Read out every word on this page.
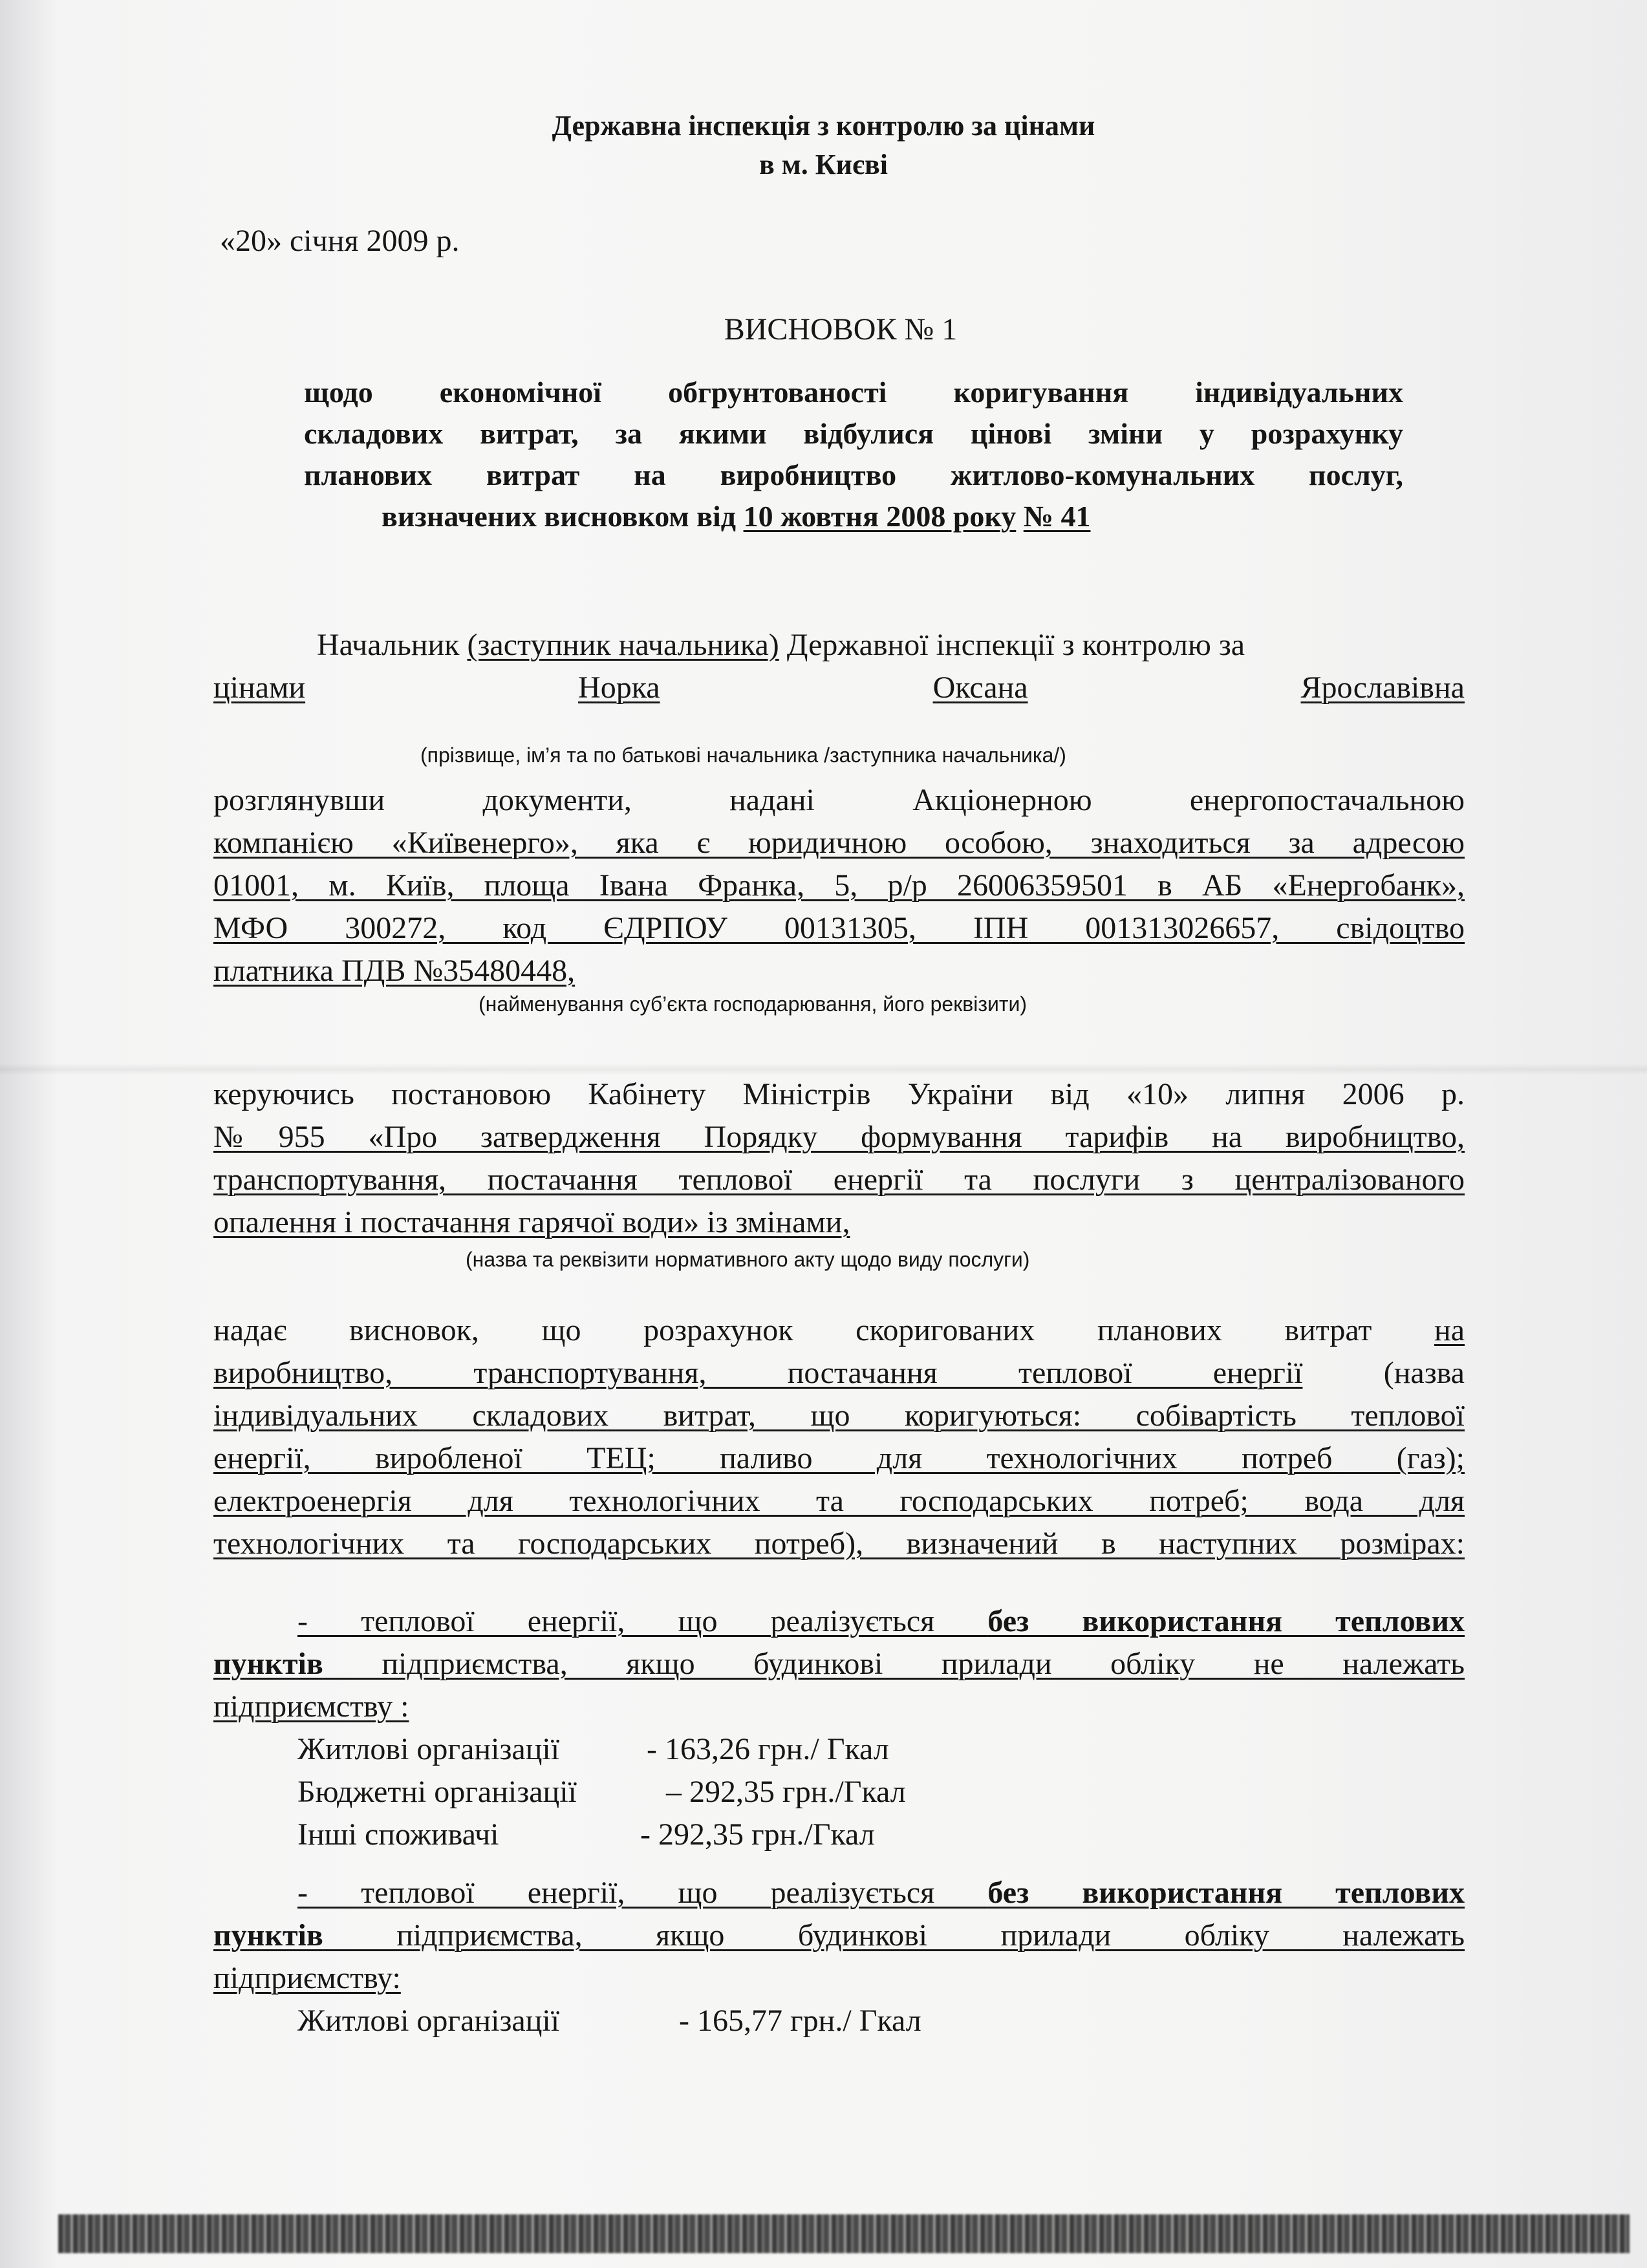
Державна інспекція з контролю за цінами
в м. Києві
«20» січня 2009 р.
ВИСНОВОК № 1
щодо економічної обгрунтованості коригування індивідуальних
складових витрат, за якими відбулися цінові зміни у розрахунку
планових витрат на виробництво житлово-комунальних послуг,
визначених висновком від 10 жовтня 2008 року № 41
Начальник (заступник начальника) Державної інспекції з контролю за
цінами	Норка	Оксана	Ярославівна
(прізвище, ім’я та по батькові начальника /заступника начальника/)
розглянувши документи, надані Акціонерною енергопостачальною
компанією «Київенерго», яка є юридичною особою, знаходиться за адресою
01001, м. Київ, площа Івана Франка, 5, р/р 26006359501 в АБ «Енергобанк»,
МФО 300272, код ЄДРПОУ 00131305, ІПН 001313026657, свідоцтво
платника ПДВ №35480448,
(найменування суб’єкта господарювання, його реквізити)
керуючись постановою Кабінету Міністрів України від «10» липня 2006 р.
№955 «Про затвердження Порядку формування тарифів на виробництво,
транспортування, постачання теплової енергії та послуги з централізованого
опалення і постачання гарячої води» із змінами,
(назва та реквізити нормативного акту щодо виду послуги)
надає висновок, що розрахунок скоригованих планових витрат на
виробництво, транспортування, постачання теплової енергії (назва
індивідуальних складових витрат, що коригуються: собівартість теплової
енергії, виробленої ТЕЦ; паливо для технологічних потреб (газ);
електроенергія для технологічних та господарських потреб; вода для
технологічних та господарських потреб), визначений в наступних розмірах:
- теплової енергії, що реалізується без використання теплових
пунктів підприємства, якщо будинкові прилади обліку не належать
підприємству :
Житлові організації	- 163,26 грн./ Гкал
Бюджетні організації	– 292,35 грн./Гкал
Інші споживачі	- 292,35 грн./Гкал
- теплової енергії, що реалізується без використання теплових
пунктів підприємства, якщо будинкові прилади обліку належать
підприємству:
Житлові організації	- 165,77 грн./ Гкал
